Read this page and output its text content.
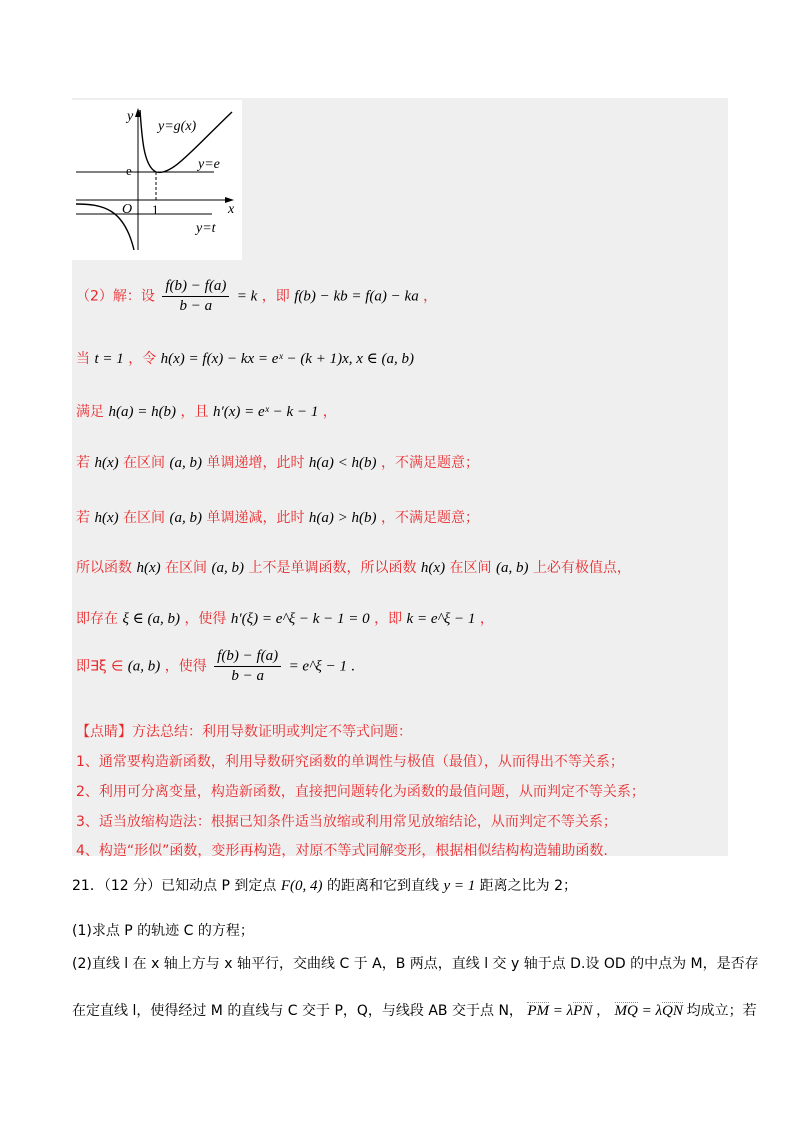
y
x
y=g(x)
e	y=e
O 1
y=t
（2）解：设 $\frac{f(b) - f(a)}{b - a} = k$ ，即 f(b) − kb = f(a) − ka ，
当 t = 1 ，令 h(x) = f(x) − kx = eˣ − (k + 1)x, x ∈ (a, b)
满足 h(a) = h(b) ，且 h′(x) = eˣ − k − 1 ，
若 h(x) 在区间 (a, b) 单调递增，此时 h(a) < h(b) ，不满足题意；
若 h(x) 在区间 (a, b) 单调递减，此时 h(a) > h(b) ，不满足题意；
所以函数 h(x) 在区间 (a, b) 上不是单调函数，所以函数 h(x) 在区间 (a, b) 上必有极值点，
即存在 ξ ∈ (a, b) ，使得 h′(ξ) = e^ξ − k − 1 = 0 ，即 k = e^ξ − 1 ，
即∃ξ ∈ (a, b) ，使得 $\frac{f(b) - f(a)}{b - a}$ = e^ξ − 1 .
【点睛】方法总结：利用导数证明或判定不等式问题：
1、通常要构造新函数，利用导数研究函数的单调性与极值（最值），从而得出不等关系；
2、利用可分离变量，构造新函数，直接把问题转化为函数的最值问题，从而判定不等关系；
3、适当放缩构造法：根据已知条件适当放缩或利用常见放缩结论，从而判定不等关系；
4、构造“形似”函数，变形再构造，对原不等式同解变形，根据相似结构构造辅助函数.
21．（12 分）已知动点 P 到定点 F(0, 4) 的距离和它到直线 y = 1 距离之比为 2；
(1)求点 P 的轨迹 C 的方程；
(2)直线 l 在 x 轴上方与 x 轴平行，交曲线 C 于 A，B 两点，直线 l 交 y 轴于点 D.设 OD 的中点为 M，是否存
在定直线 l，使得经过 M 的直线与 C 交于 P，Q，与线段 AB 交于点 N， PM = λPN ， MQ = λQN 均成立；若
